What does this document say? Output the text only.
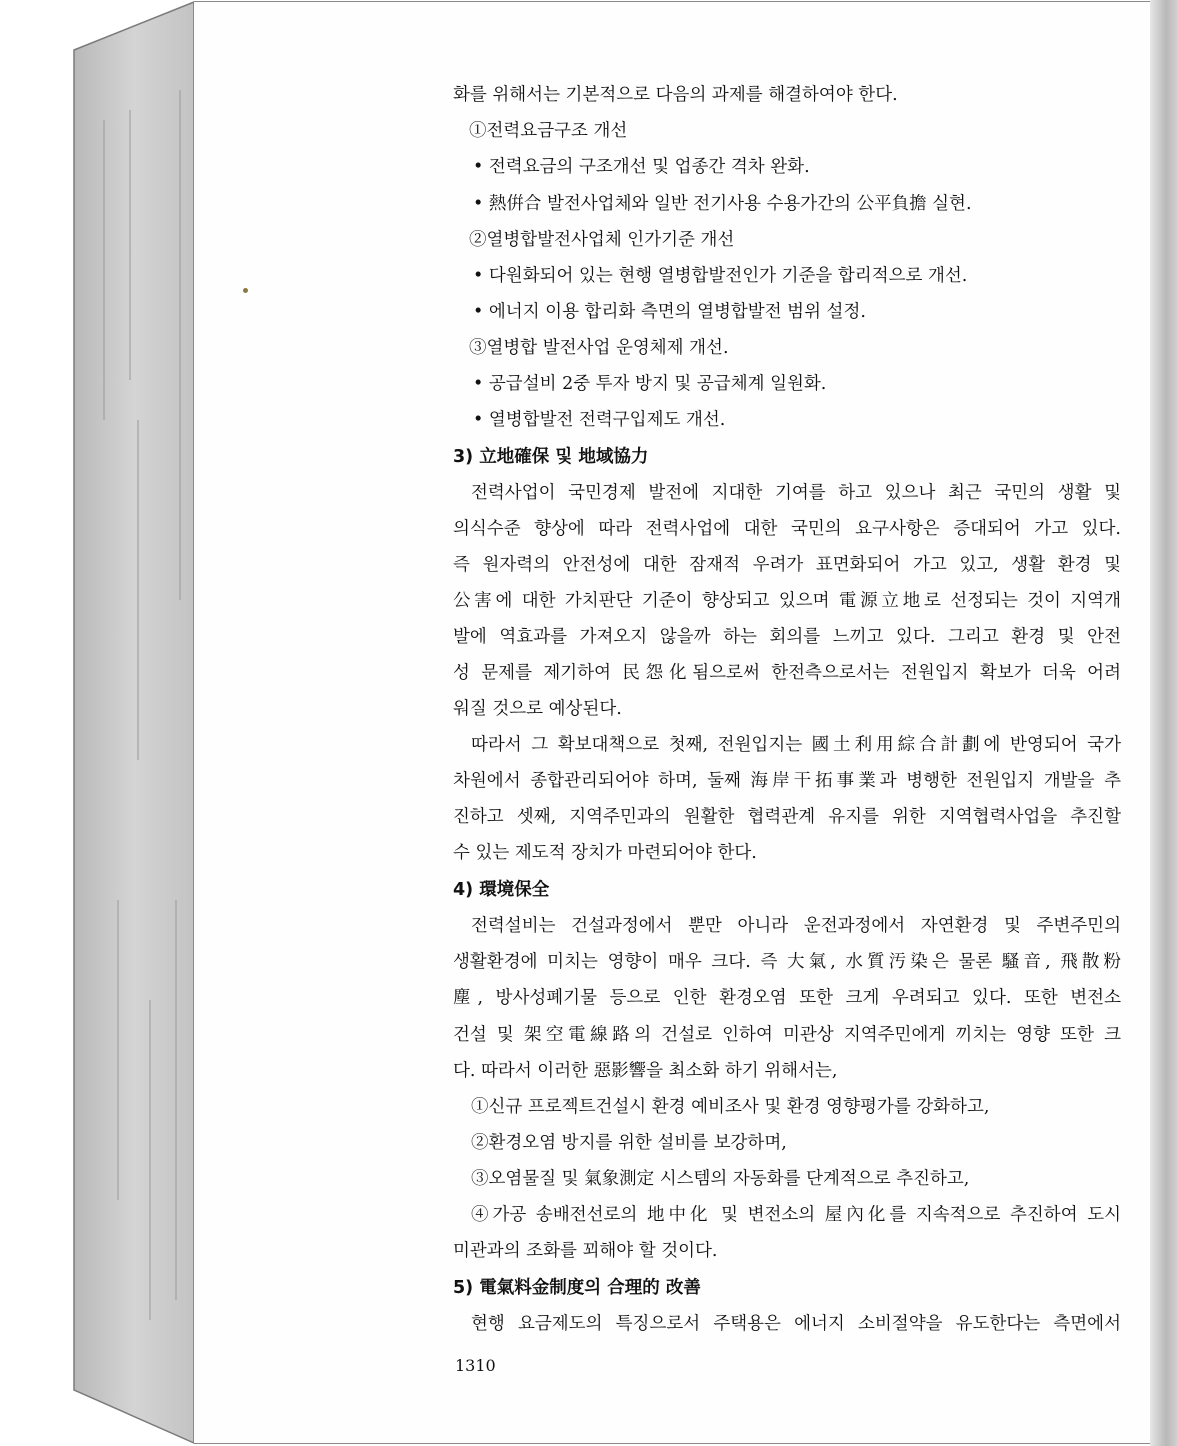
화를 위해서는 기본적으로 다음의 과제를 해결하여야 한다.
①전력요금구조 개선
• 전력요금의 구조개선 및 업종간 격차 완화.
• 熱倂合 발전사업체와 일반 전기사용 수용가간의 公平負擔 실현.
②열병합발전사업체 인가기준 개선
• 다원화되어 있는 현행 열병합발전인가 기준을 합리적으로 개선.
• 에너지 이용 합리화 측면의 열병합발전 범위 설정.
③열병합 발전사업 운영체제 개선.
• 공급설비 2중 투자 방지 및 공급체계 일원화.
• 열병합발전 전력구입제도 개선.
3) 立地確保 및 地域協力
전력사업이 국민경제 발전에 지대한 기여를 하고 있으나 최근 국민의 생활 및
의식수준 향상에 따라 전력사업에 대한 국민의 요구사항은 증대되어 가고 있다.
즉 원자력의 안전성에 대한 잠재적 우려가 표면화되어 가고 있고, 생활 환경 및
公害에 대한 가치판단 기준이 향상되고 있으며 電源立地로 선정되는 것이 지역개
발에 역효과를 가져오지 않을까 하는 회의를 느끼고 있다. 그리고 환경 및 안전
성 문제를 제기하여 民怨化됨으로써 한전측으로서는 전원입지 확보가 더욱 어려
워질 것으로 예상된다.
따라서 그 확보대책으로 첫째, 전원입지는 國土利用綜合計劃에 반영되어 국가
차원에서 종합관리되어야 하며, 둘째 海岸干拓事業과 병행한 전원입지 개발을 추
진하고 셋째, 지역주민과의 원활한 협력관계 유지를 위한 지역협력사업을 추진할
수 있는 제도적 장치가 마련되어야 한다.
4) 環境保全
전력설비는 건설과정에서 뿐만 아니라 운전과정에서 자연환경 및 주변주민의
생활환경에 미치는 영향이 매우 크다. 즉 大氣, 水質汚染은 물론 騷音, 飛散粉
塵, 방사성폐기물 등으로 인한 환경오염 또한 크게 우려되고 있다. 또한 변전소
건설 및 架空電線路의 건설로 인하여 미관상 지역주민에게 끼치는 영향 또한 크
다. 따라서 이러한 惡影響을 최소화 하기 위해서는,
①신규 프로젝트건설시 환경 예비조사 및 환경 영향평가를 강화하고,
②환경오염 방지를 위한 설비를 보강하며,
③오염물질 및 氣象測定 시스템의 자동화를 단계적으로 추진하고,
④가공 송배전선로의 地中化 및 변전소의 屋內化를 지속적으로 추진하여 도시
미관과의 조화를 꾀해야 할 것이다.
5) 電氣料金制度의 合理的 改善
현행 요금제도의 특징으로서 주택용은 에너지 소비절약을 유도한다는 측면에서
1310
